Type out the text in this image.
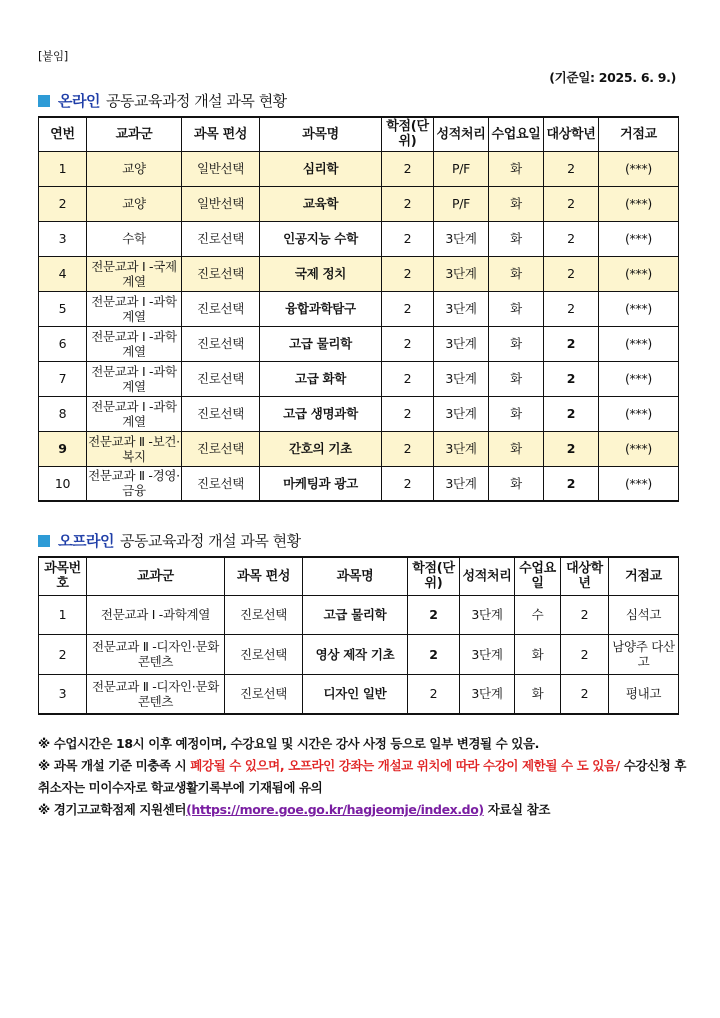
[붙임]
(기준일: 2025. 6. 9.)
온라인 공동교육과정 개설 과목 현황
연번	교과군	과목 편성	과목명	학점(단위)	성적처리	수업요일	대상학년	거점교
1	교양	일반선택	심리학	2	P/F	화	2	(***)
2	교양	일반선택	교육학	2	P/F	화	2	(***)
3	수학	진로선택	인공지능 수학	2	3단계	화	2	(***)
4	전문교과 I -국제계열	진로선택	국제 정치	2	3단계	화	2	(***)
5	전문교과 I -과학계열	진로선택	융합과학탐구	2	3단계	화	2	(***)
6	전문교과 I -과학계열	진로선택	고급 물리학	2	3단계	화	2	(***)
7	전문교과 I -과학계열	진로선택	고급 화학	2	3단계	화	2	(***)
8	전문교과 I -과학계열	진로선택	고급 생명과학	2	3단계	화	2	(***)
9	전문교과 Ⅱ -보건·복지	진로선택	간호의 기초	2	3단계	화	2	(***)
10	전문교과 Ⅱ -경영·금융	진로선택	마케팅과 광고	2	3단계	화	2	(***)
오프라인 공동교육과정 개설 과목 현황
과목번호	교과군	과목 편성	과목명	학점(단위)	성적처리	수업요일	대상학년	거점교
1	전문교과 I -과학계열	진로선택	고급 물리학	2	3단계	수	2	심석고
2	전문교과 Ⅱ -디자인·문화 콘텐츠	진로선택	영상 제작 기초	2	3단계	화	2	남양주 다산고
3	전문교과 Ⅱ -디자인·문화 콘텐츠	진로선택	디자인 일반	2	3단계	화	2	평내고

※ 수업시간은 18시 이후 예정이며, 수강요일 및 시간은 강사 사정 등으로 일부 변경될 수 있음.

※ 과목 개설 기준 미충족 시 폐강될 수 있으며, 오프라인 강좌는 개설교 위치에 따라 수강이 제한될 수 도 있음/ 수강신청 후 취소자는 미이수자로 학교생활기록부에 기재됨에 유의

※ 경기고교학점제 지원센터(https://more.goe.go.kr/hagjeomje/index.do) 자료실 참조
